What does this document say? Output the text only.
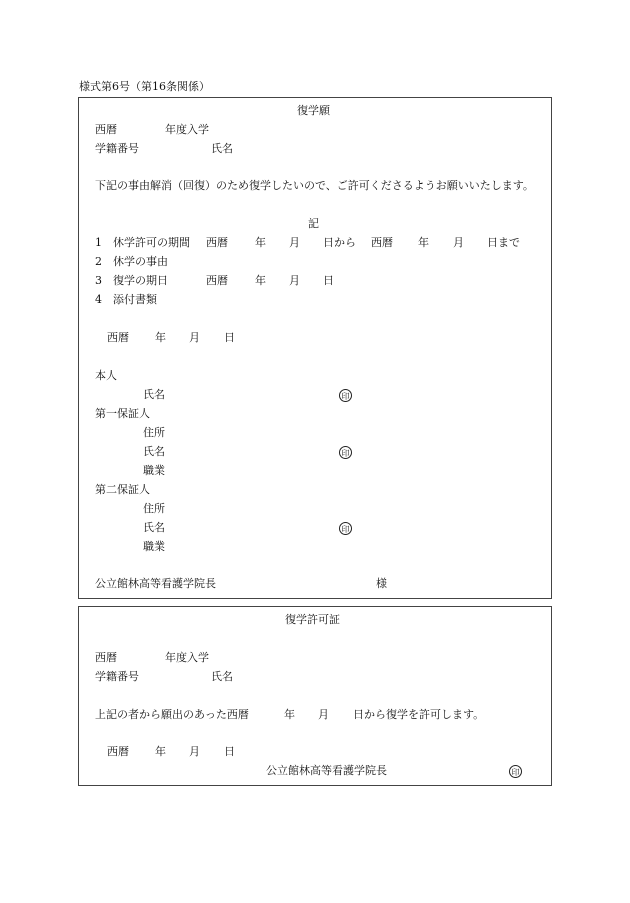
様式第6号（第16条関係）
復学願
西暦	年度入学
学籍番号	氏名
下記の事由解消（回復）のため復学したいので、ご許可くださるようお願いいたします。
記
1 休学許可の期間 西暦 年 月 日から 西暦 年 月 日まで
2 休学の事由
3 復学の期日	西暦 年 月 日
4 添付書類
西暦 年 月 日
本人
氏名	印
第一保証人
住所
氏名	印
職業
第二保証人
住所
氏名	印
職業
公立館林高等看護学院長	様
復学許可証
西暦	年度入学
学籍番号	氏名
上記の者から願出のあった西暦	年 月 日から復学を許可します。
西暦 年 月 日
公立館林高等看護学院長	印
